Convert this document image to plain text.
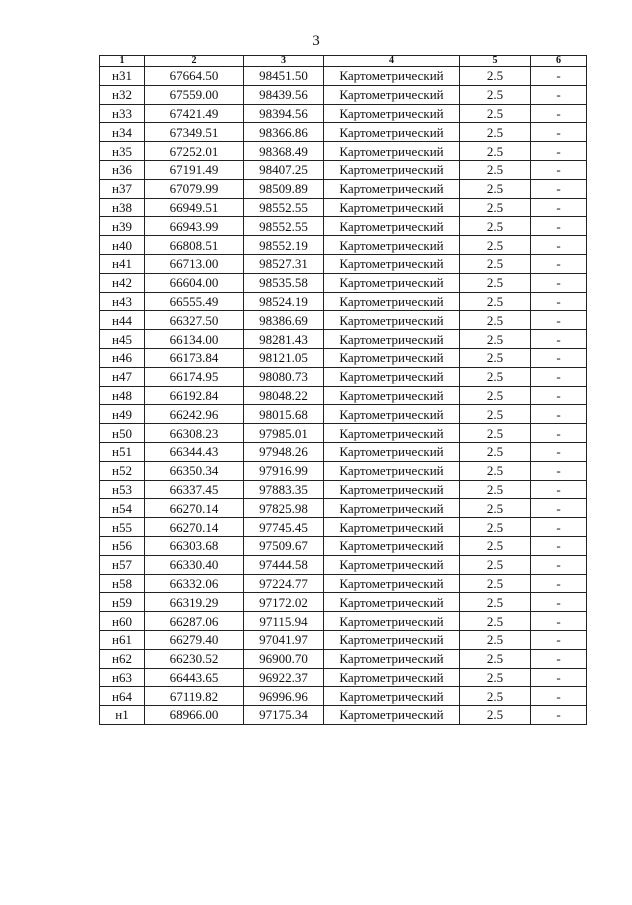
3
1	2	3	4	5	6
н31	67664.50	98451.50	Картометрический	2.5	-
н32	67559.00	98439.56	Картометрический	2.5	-
н33	67421.49	98394.56	Картометрический	2.5	-
н34	67349.51	98366.86	Картометрический	2.5	-
н35	67252.01	98368.49	Картометрический	2.5	-
н36	67191.49	98407.25	Картометрический	2.5	-
н37	67079.99	98509.89	Картометрический	2.5	-
н38	66949.51	98552.55	Картометрический	2.5	-
н39	66943.99	98552.55	Картометрический	2.5	-
н40	66808.51	98552.19	Картометрический	2.5	-
н41	66713.00	98527.31	Картометрический	2.5	-
н42	66604.00	98535.58	Картометрический	2.5	-
н43	66555.49	98524.19	Картометрический	2.5	-
н44	66327.50	98386.69	Картометрический	2.5	-
н45	66134.00	98281.43	Картометрический	2.5	-
н46	66173.84	98121.05	Картометрический	2.5	-
н47	66174.95	98080.73	Картометрический	2.5	-
н48	66192.84	98048.22	Картометрический	2.5	-
н49	66242.96	98015.68	Картометрический	2.5	-
н50	66308.23	97985.01	Картометрический	2.5	-
н51	66344.43	97948.26	Картометрический	2.5	-
н52	66350.34	97916.99	Картометрический	2.5	-
н53	66337.45	97883.35	Картометрический	2.5	-
н54	66270.14	97825.98	Картометрический	2.5	-
н55	66270.14	97745.45	Картометрический	2.5	-
н56	66303.68	97509.67	Картометрический	2.5	-
н57	66330.40	97444.58	Картометрический	2.5	-
н58	66332.06	97224.77	Картометрический	2.5	-
н59	66319.29	97172.02	Картометрический	2.5	-
н60	66287.06	97115.94	Картометрический	2.5	-
н61	66279.40	97041.97	Картометрический	2.5	-
н62	66230.52	96900.70	Картометрический	2.5	-
н63	66443.65	96922.37	Картометрический	2.5	-
н64	67119.82	96996.96	Картометрический	2.5	-
н1	68966.00	97175.34	Картометрический	2.5	-
